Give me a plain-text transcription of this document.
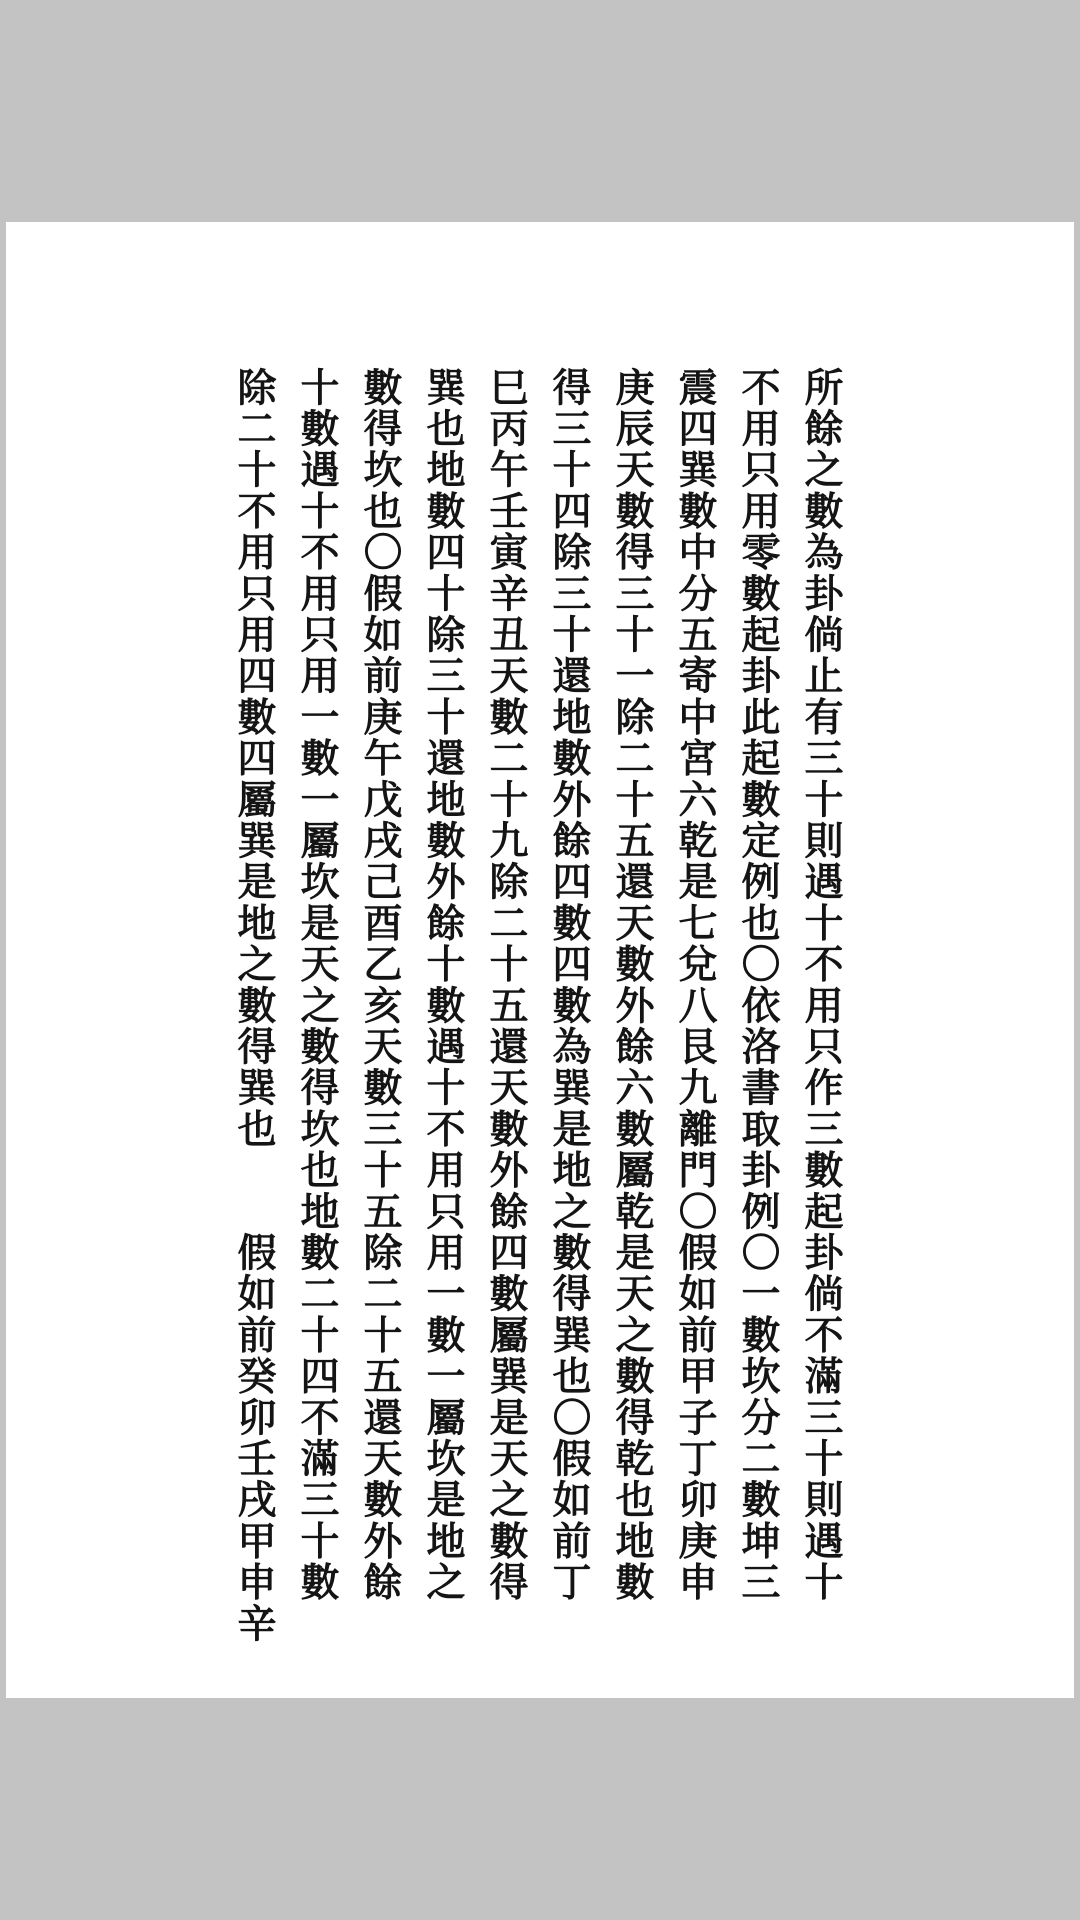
所餘之數為卦倘止有三十則遇十不用只作三數起卦倘不滿三十則遇十
不用只用零數起卦此起數定例也〇依洛書取卦例〇一數坎分二數坤三
震四巽數中分五寄中宮六乾是七兌八艮九離門〇假如前甲子丁卯庚申
庚辰天數得三十一除二十五還天數外餘六數屬乾是天之數得乾也地數
得三十四除三十還地數外餘四數四數為巽是地之數得巽也〇假如前丁
巳丙午壬寅辛丑天數二十九除二十五還天數外餘四數屬巽是天之數得
巽也地數四十除三十還地數外餘十數遇十不用只用一數一屬坎是地之
數得坎也〇假如前庚午戊戌己酉乙亥天數三十五除二十五還天數外餘
十數遇十不用只用一數一屬坎是天之數得坎也地數二十四不滿三十數
除二十不用只用四數四屬巽是地之數得巽也　　假如前癸卯壬戌甲申辛
